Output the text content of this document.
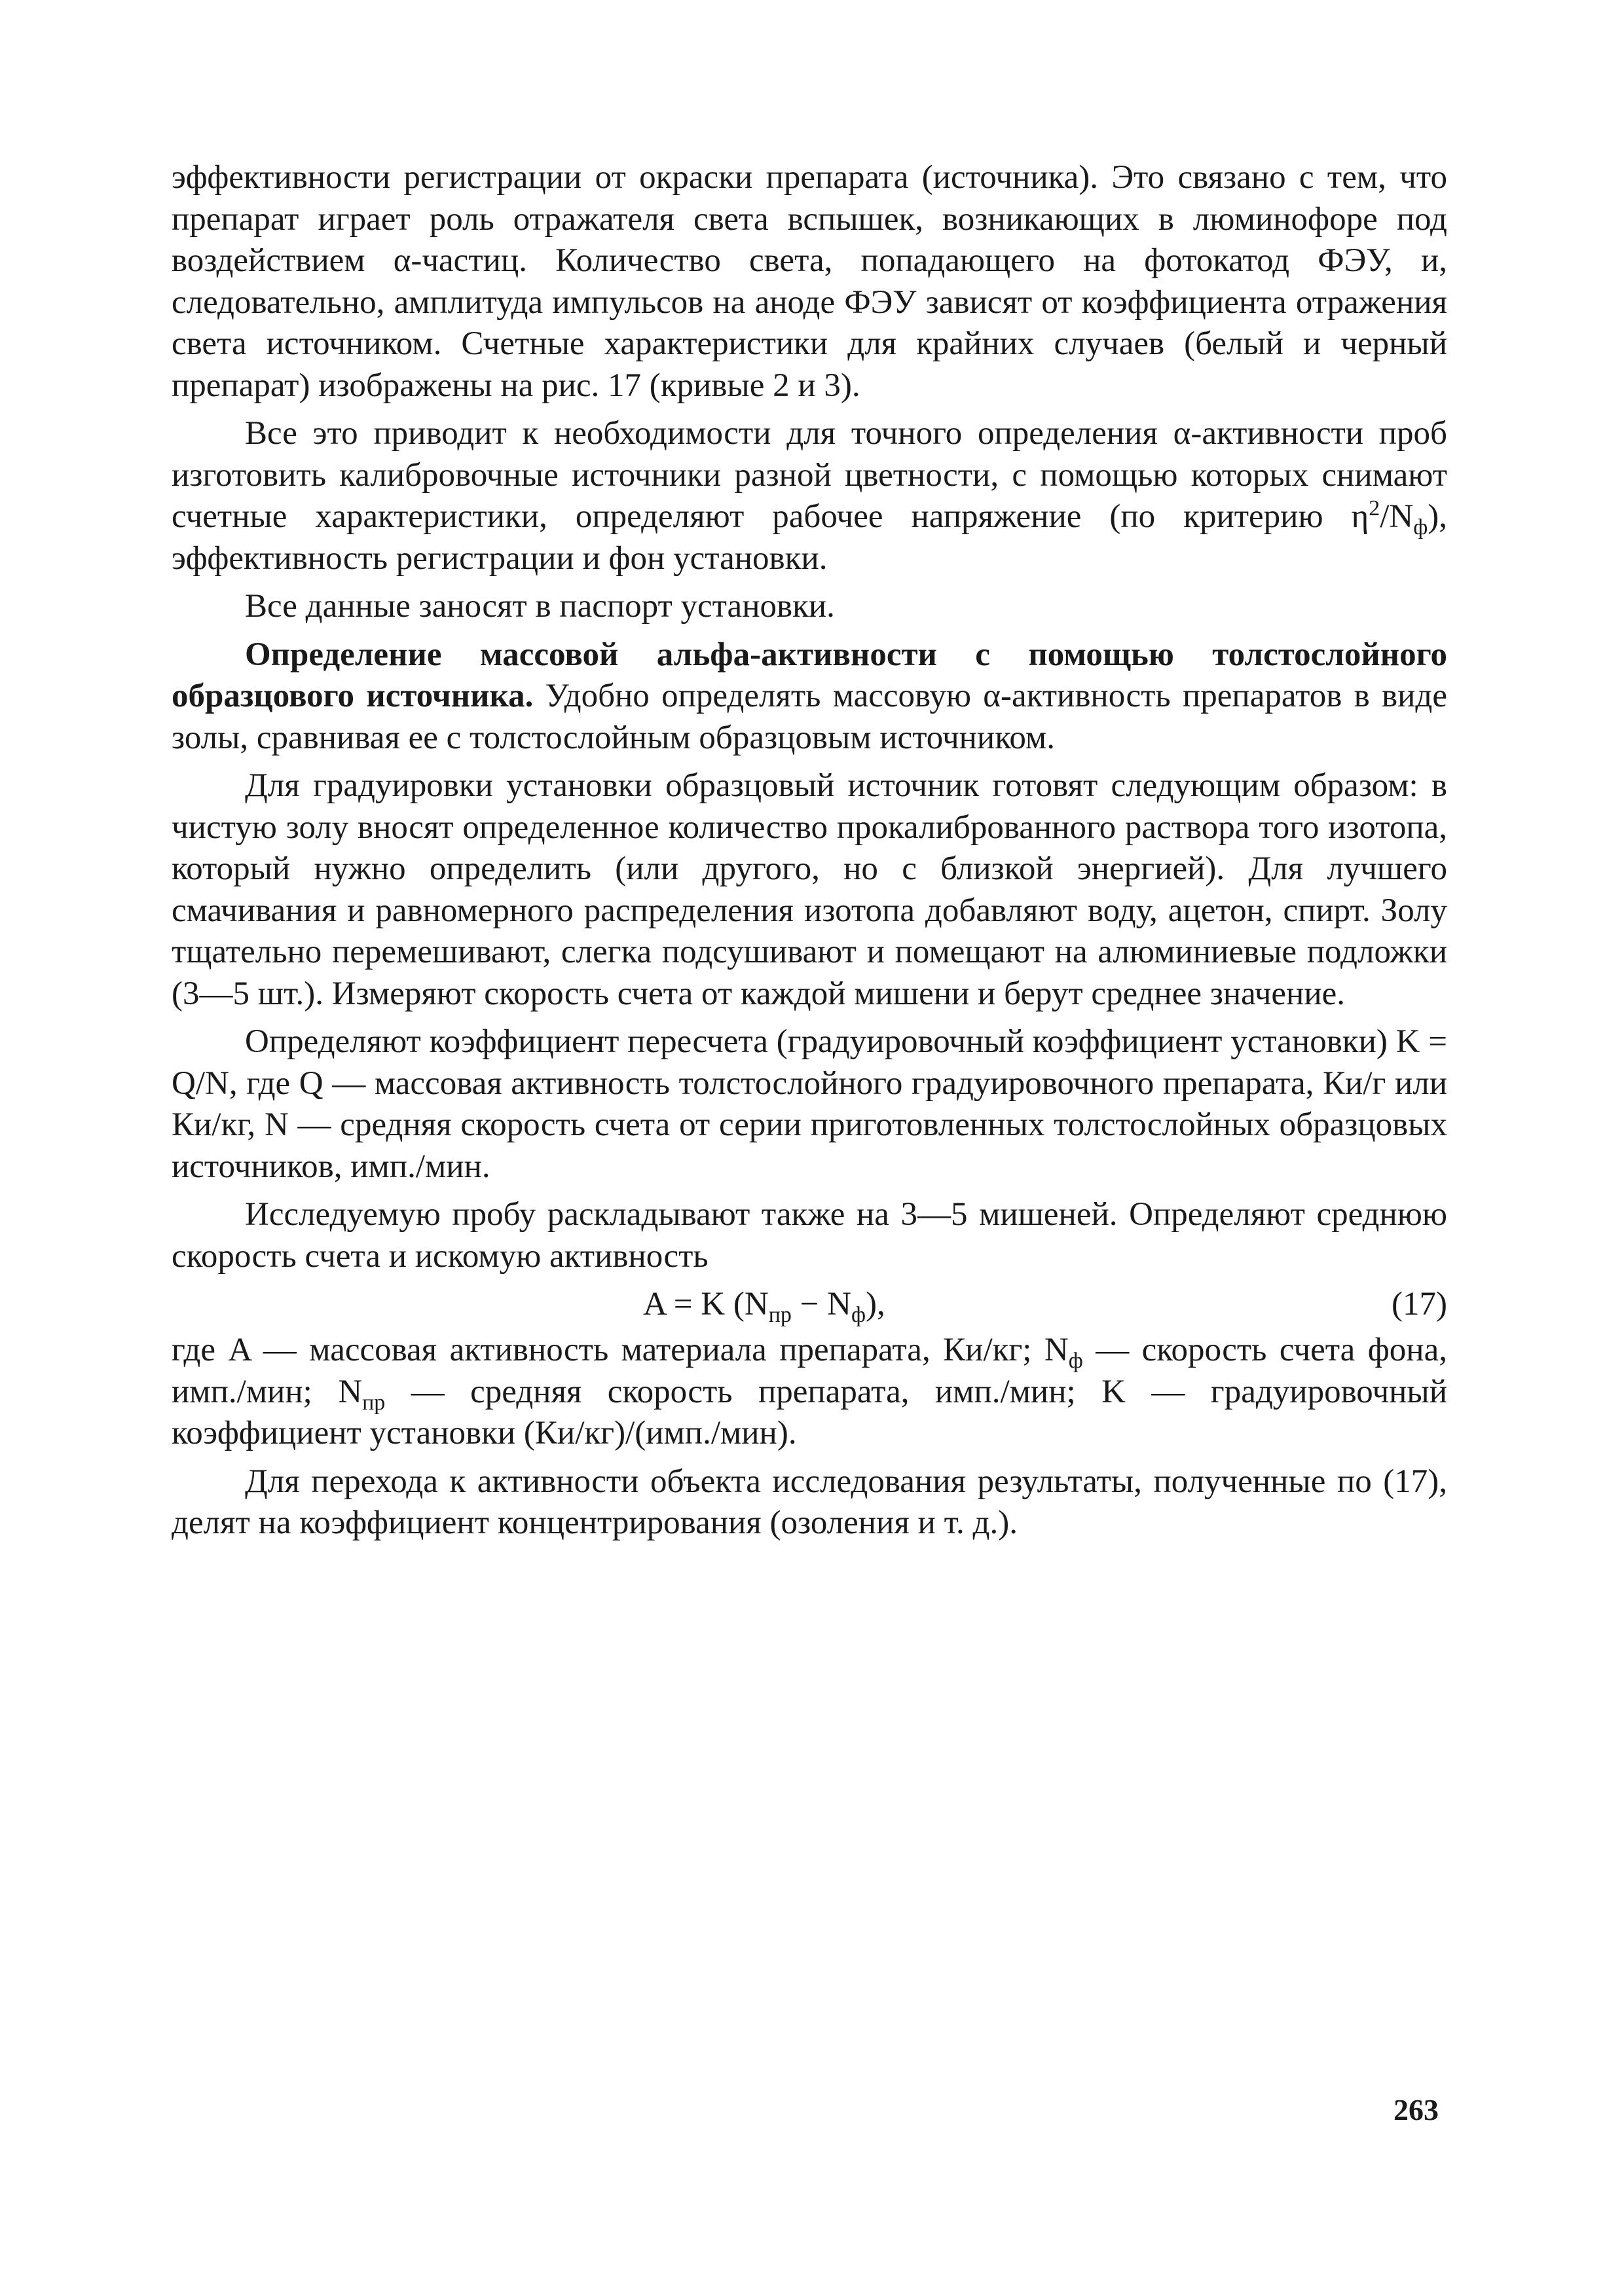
эффективности регистрации от окраски препарата (источника). Это связано с тем, что препарат играет роль отражателя света вспышек, возникающих в люминофоре под воздействием α-частиц. Количество света, попадающего на фотокатод ФЭУ, и, следовательно, амплитуда импульсов на аноде ФЭУ зависят от коэффициента отражения света источником. Счетные характеристики для крайних случаев (белый и черный препарат) изображены на рис. 17 (кривые 2 и 3).

Все это приводит к необходимости для точного определения α-активности проб изготовить калибровочные источники разной цветности, с помощью которых снимают счетные характеристики, определяют рабочее напряжение (по критерию $\eta^2/N_ф$), эффективность регистрации и фон установки.

Все данные заносят в паспорт установки.

Определение массовой альфа-активности с помощью толстослойного образцового источника. Удобно определять массовую α-активность препаратов в виде золы, сравнивая ее с толстослойным образцовым источником.

Для градуировки установки образцовый источник готовят следующим образом: в чистую золу вносят определенное количество прокалиброванного раствора того изотопа, который нужно определить (или другого, но с близкой энергией). Для лучшего смачивания и равномерного распределения изотопа добавляют воду, ацетон, спирт. Золу тщательно перемешивают, слегка подсушивают и помещают на алюминиевые подложки (3—5 шт.). Измеряют скорость счета от каждой мишени и берут среднее значение.

Определяют коэффициент пересчета (градуировочный коэффициент установки) K = Q/N, где Q — массовая активность толстослойного градуировочного препарата, Ки/г или Ки/кг, N — средняя скорость счета от серии приготовленных толстослойных образцовых источников, имп./мин.

Исследуемую пробу раскладывают также на 3—5 мишеней. Определяют среднюю скорость счета и искомую активность

A = K $(N_{пр} - N_ф)$,	(17)

где A — массовая активность материала препарата, Ки/кг; $N_ф$ — скорость счета фона, имп./мин; $N_{пр}$ — средняя скорость препарата, имп./мин; K — градуировочный коэффициент установки (Ки/кг)/(имп./мин).

Для перехода к активности объекта исследования результаты, полученные по (17), делят на коэффициент концентрирования (озоления и т. д.).

263
